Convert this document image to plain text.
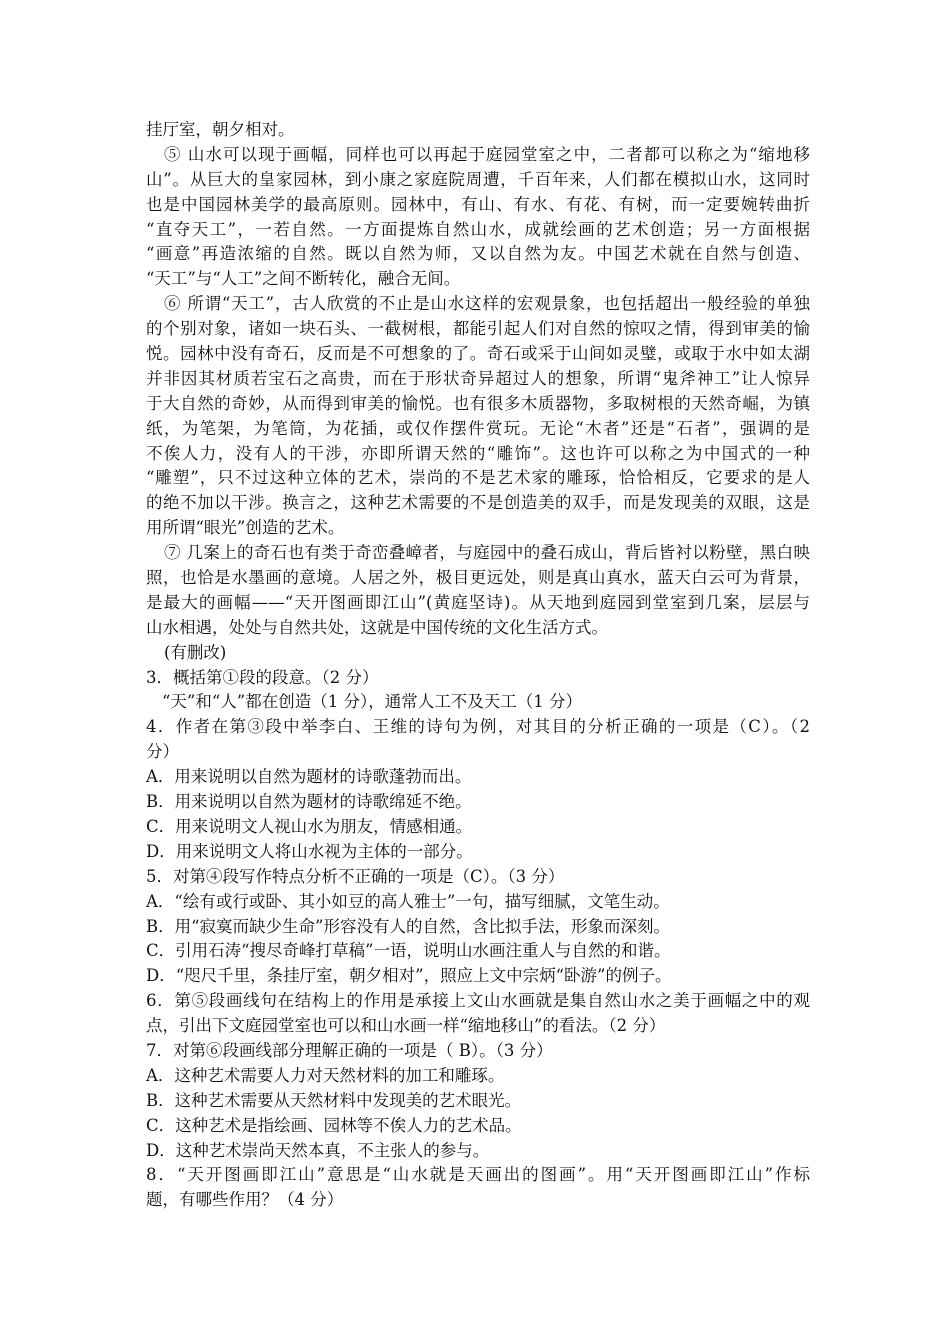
挂厅室，朝夕相对。
⑤ 山水可以现于画幅，同样也可以再起于庭园堂室之中，二者都可以称之为“缩地移
山”。从巨大的皇家园林，到小康之家庭院周遭，千百年来，人们都在模拟山水，这同时
也是中国园林美学的最高原则。园林中，有山、有水、有花、有树，而一定要婉转曲折
“直夺天工”，一若自然。一方面提炼自然山水，成就绘画的艺术创造；另一方面根据
“画意”再造浓缩的自然。既以自然为师，又以自然为友。中国艺术就在自然与创造、
“天工”与“人工”之间不断转化，融合无间。
⑥ 所谓“天工”，古人欣赏的不止是山水这样的宏观景象，也包括超出一般经验的单独
的个别对象，诸如一块石头、一截树根，都能引起人们对自然的惊叹之情，得到审美的愉
悦。园林中没有奇石，反而是不可想象的了。奇石或采于山间如灵璧，或取于水中如太湖
并非因其材质若宝石之高贵，而在于形状奇异超过人的想象，所谓“鬼斧神工”让人惊异
于大自然的奇妙，从而得到审美的愉悦。也有很多木质器物，多取树根的天然奇崛，为镇
纸，为笔架，为笔筒，为花插，或仅作摆件赏玩。无论“木者”还是“石者”，强调的是
不俟人力，没有人的干涉，亦即所谓天然的“雕饰”。这也许可以称之为中国式的一种
“雕塑”，只不过这种立体的艺术，崇尚的不是艺术家的雕琢，恰恰相反，它要求的是人
的绝不加以干涉。换言之，这种艺术需要的不是创造美的双手，而是发现美的双眼，这是
用所谓“眼光”创造的艺术。
⑦ 几案上的奇石也有类于奇峦叠嶂者，与庭园中的叠石成山，背后皆衬以粉壁，黑白映
照，也恰是水墨画的意境。人居之外，极目更远处，则是真山真水，蓝天白云可为背景，
是最大的画幅——“天开图画即江山”(黄庭坚诗)。从天地到庭园到堂室到几案，层层与
山水相遇，处处与自然共处，这就是中国传统的文化生活方式。
(有删改)
3．概括第①段的段意。（2 分）
“天”和“人”都在创造（1 分），通常人工不及天工（1 分）
4．作者在第③段中举李白、王维的诗句为例，对其目的分析正确的一项是（C）。（2
分）
A．用来说明以自然为题材的诗歌蓬勃而出。
B．用来说明以自然为题材的诗歌绵延不绝。
C．用来说明文人视山水为朋友，情感相通。
D．用来说明文人将山水视为主体的一部分。
5．对第④段写作特点分析不正确的一项是（C）。（3 分）
A．“绘有或行或卧、其小如豆的高人雅士”一句，描写细腻，文笔生动。
B．用“寂寞而缺少生命”形容没有人的自然，含比拟手法，形象而深刻。
C．引用石涛“搜尽奇峰打草稿”一语，说明山水画注重人与自然的和谐。
D．“咫尺千里，条挂厅室，朝夕相对”，照应上文中宗炳“卧游”的例子。
6．第⑤段画线句在结构上的作用是承接上文山水画就是集自然山水之美于画幅之中的观
点，引出下文庭园堂室也可以和山水画一样“缩地移山”的看法。（2 分）
7．对第⑥段画线部分理解正确的一项是（ B）。（3 分）
A．这种艺术需要人力对天然材料的加工和雕琢。
B．这种艺术需要从天然材料中发现美的艺术眼光。
C．这种艺术是指绘画、园林等不俟人力的艺术品。
D．这种艺术崇尚天然本真，不主张人的参与。
8．“天开图画即江山”意思是“山水就是天画出的图画”。用“天开图画即江山”作标
题，有哪些作用？（4 分）
